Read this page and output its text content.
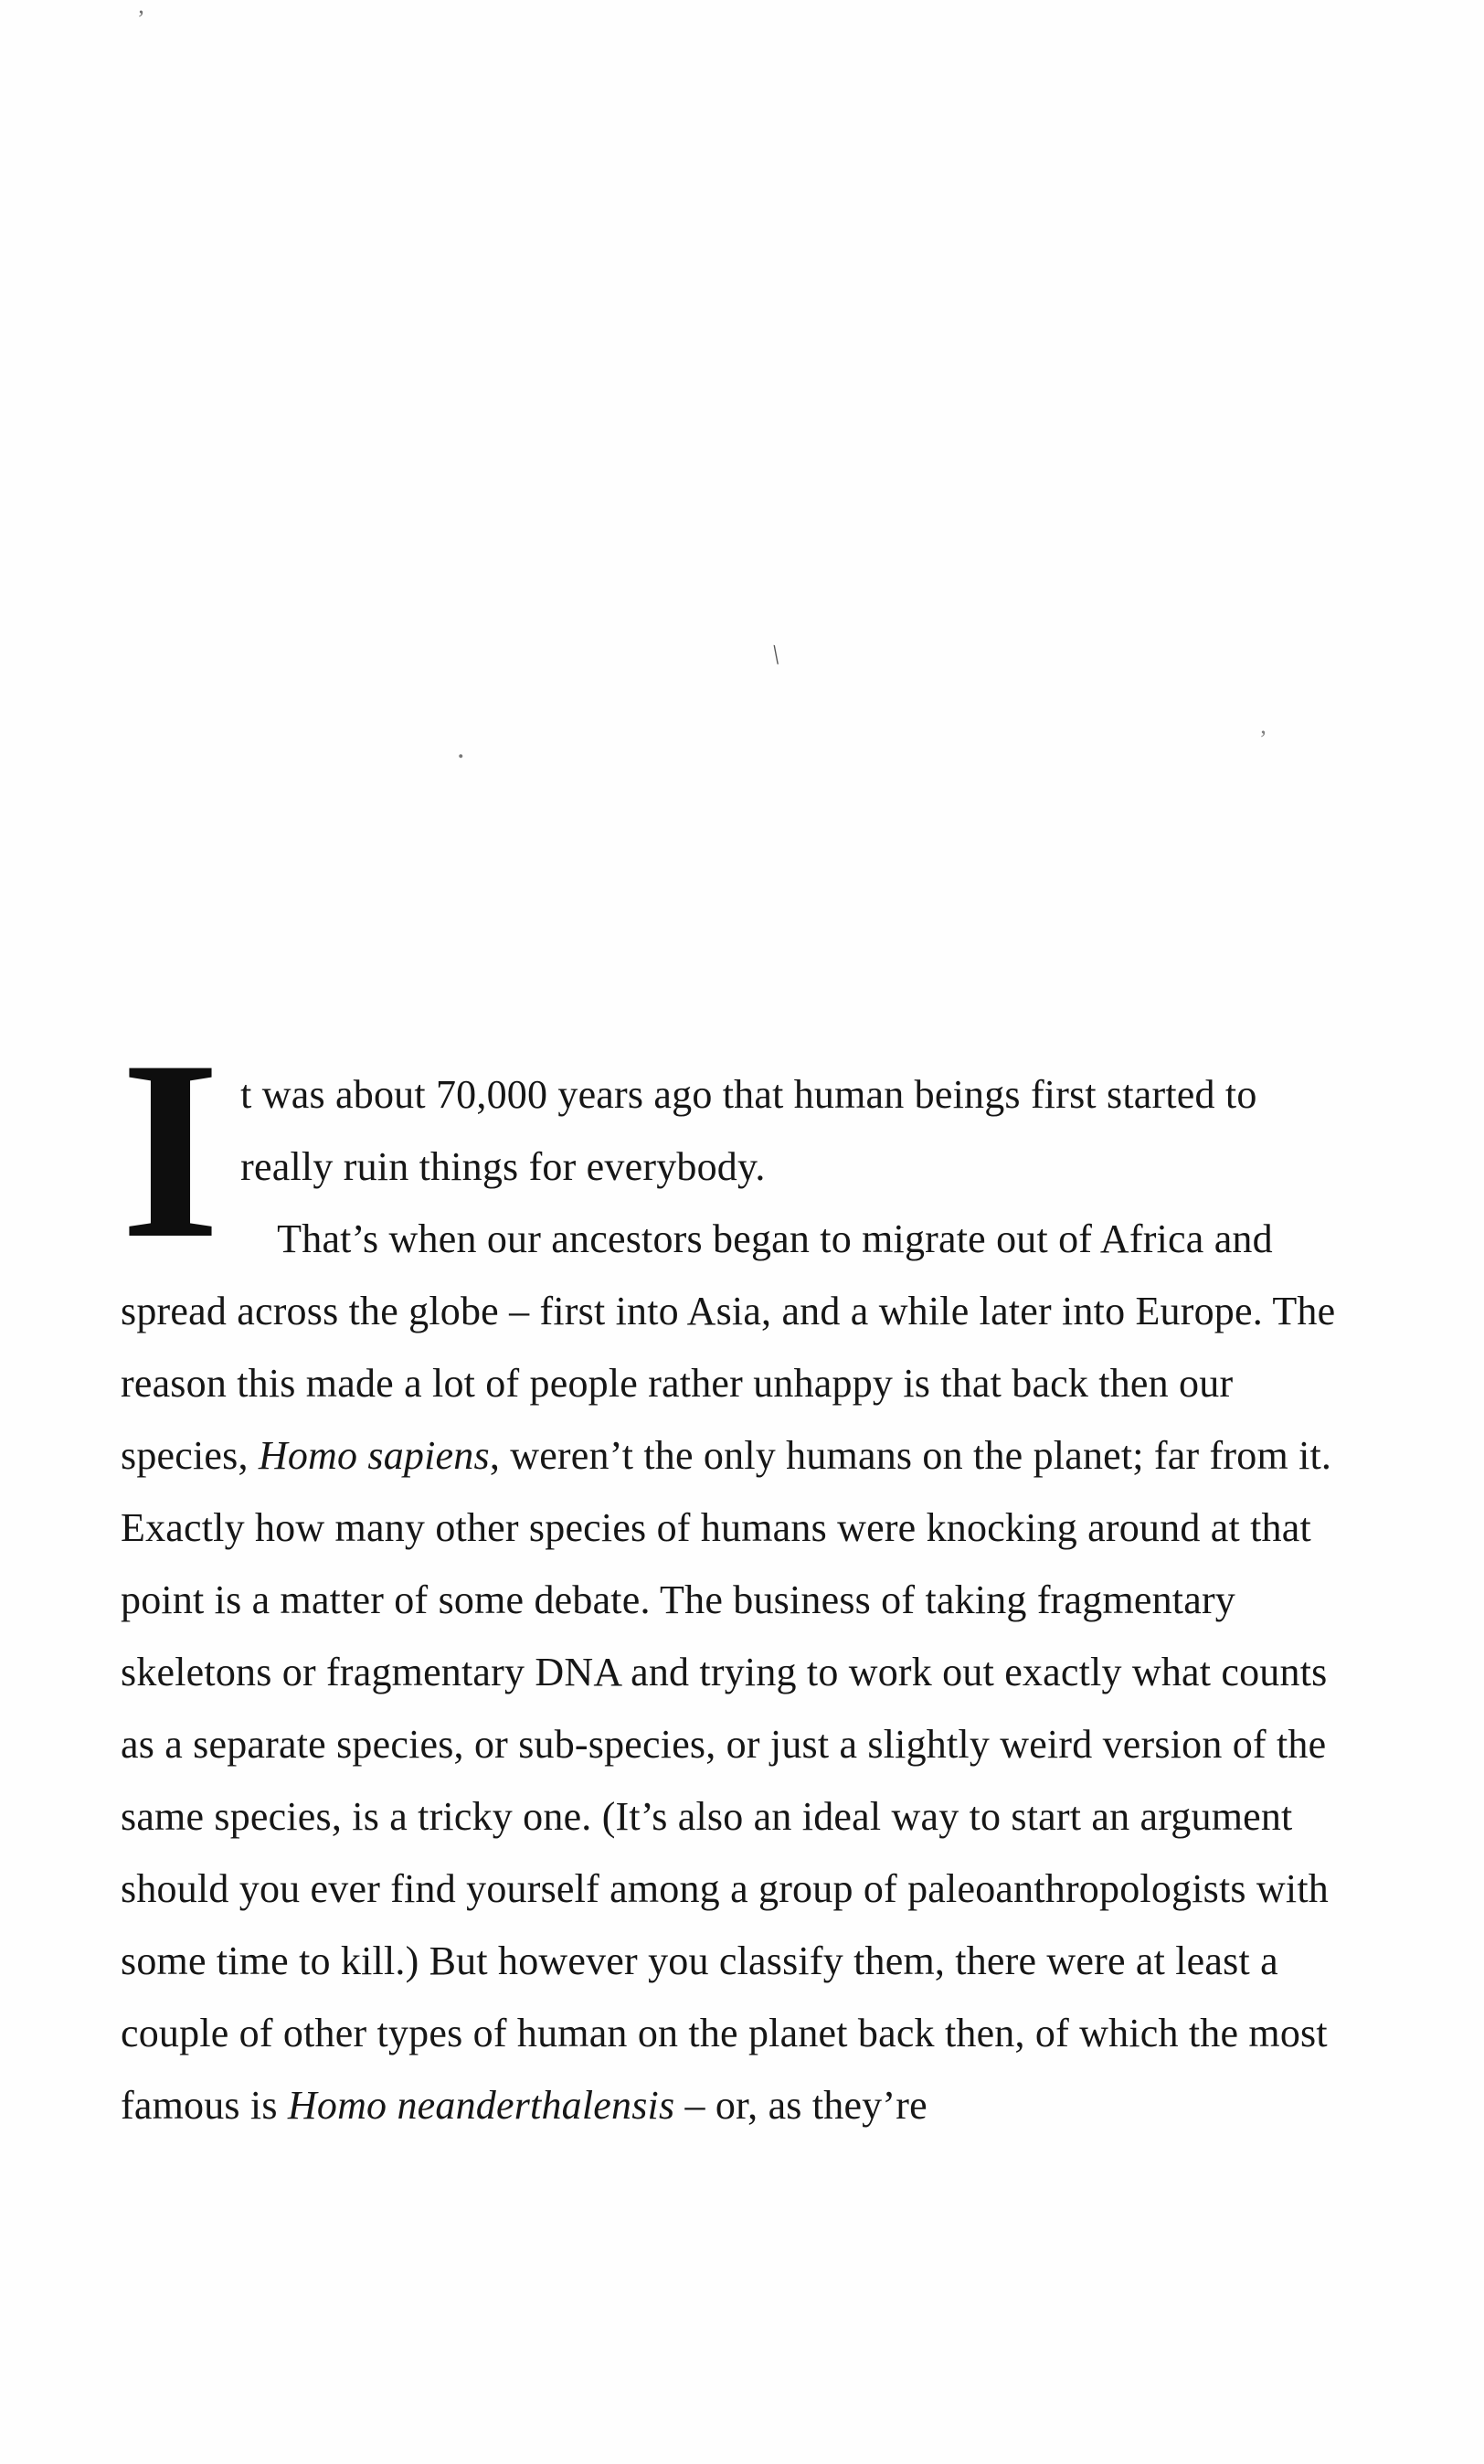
’
\
.	’

It was about 70,000 years ago that human beings first started to really ruin things for everybody.

That’s when our ancestors began to migrate out of Africa and spread across the globe – first into Asia, and a while later into Europe. The reason this made a lot of people rather unhappy is that back then our species, Homo sapiens, weren’t the only humans on the planet; far from it. Exactly how many other species of humans were knocking around at that point is a matter of some debate. The business of taking fragmentary skeletons or fragmentary DNA and trying to work out exactly what counts as a separate species, or sub-species, or just a slightly weird version of the same species, is a tricky one. (It’s also an ideal way to start an argument should you ever find yourself among a group of paleoanthropologists with some time to kill.) But however you classify them, there were at least a couple of other types of human on the planet back then, of which the most famous is Homo neanderthalensis – or, as they’re
